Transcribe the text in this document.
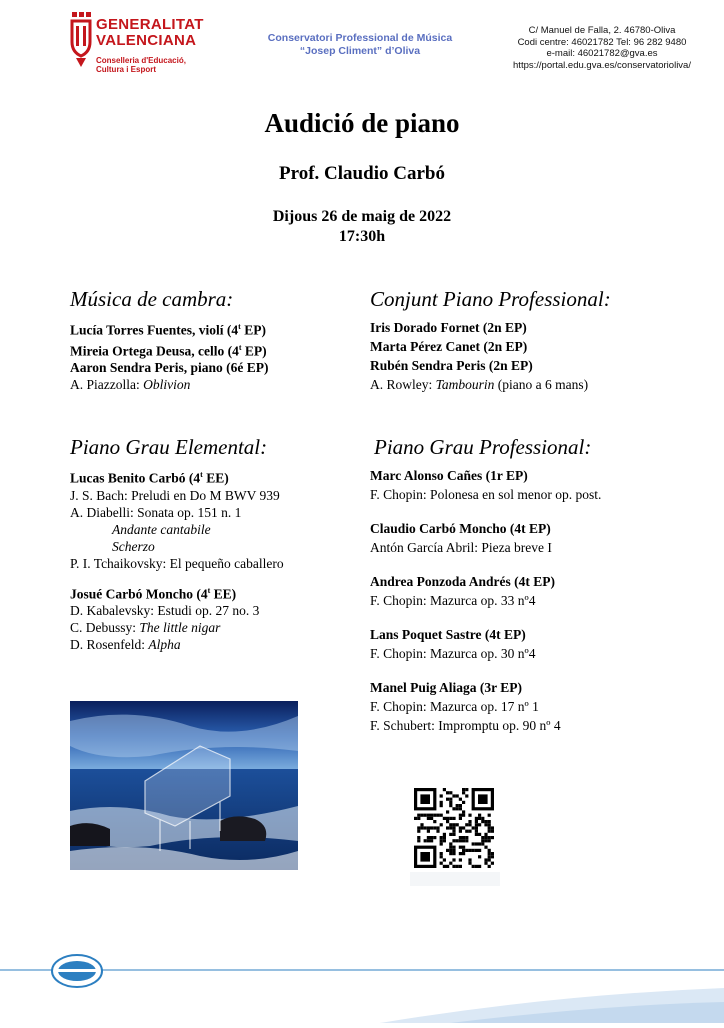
GENERALITAT
VALENCIANA
Conselleria d'Educació,
Cultura i Esport
Conservatori Professional de Música
“Josep Climent” d’Oliva
C/ Manuel de Falla, 2. 46780-Oliva
Codi centre: 46021782 Tel: 96 282 9480
e-mail: 46021782@gva.es
https://portal.edu.gva.es/conservatorioliva/
Audició de piano
Prof. Claudio Carbó
Dijous 26 de maig de 2022
17:30h
Música de cambra:
Lucía Torres Fuentes, violí (4$^t$ EP)
Mireia Ortega Deusa, cello (4$^t$ EP)
Aaron Sendra Peris, piano (6é EP)
A. Piazzolla: Oblivion
Conjunt Piano Professional:
Iris Dorado Fornet (2n EP)
Marta Pérez Canet (2n EP)
Rubén Sendra Peris (2n EP)
A. Rowley: Tambourin (piano a 6 mans)
Piano Grau Elemental:
Lucas Benito Carbó (4$^t$ EE)
J. S. Bach: Preludi en Do M BWV 939
A. Diabelli: Sonata op. 151 n. 1
Andante cantabile
Scherzo
P. I. Tchaikovsky: El pequeño caballero
Josué Carbó Moncho (4$^t$ EE)
D. Kabalevsky: Estudi op. 27 no. 3
C. Debussy: The little nigar
D. Rosenfeld: Alpha
Piano Grau Professional:
Marc Alonso Cañes (1r EP)
F. Chopin: Polonesa en sol menor op. post.
Claudio Carbó Moncho (4t EP)
Antón García Abril: Pieza breve I
Andrea Ponzoda Andrés (4t EP)
F. Chopin: Mazurca op. 33 nº4
Lans Poquet Sastre (4t EP)
F. Chopin: Mazurca op. 30 nº4
Manel Puig Aliaga (3r EP)
F. Chopin: Mazurca op. 17 nº 1
F. Schubert: Impromptu op. 90 nº 4
